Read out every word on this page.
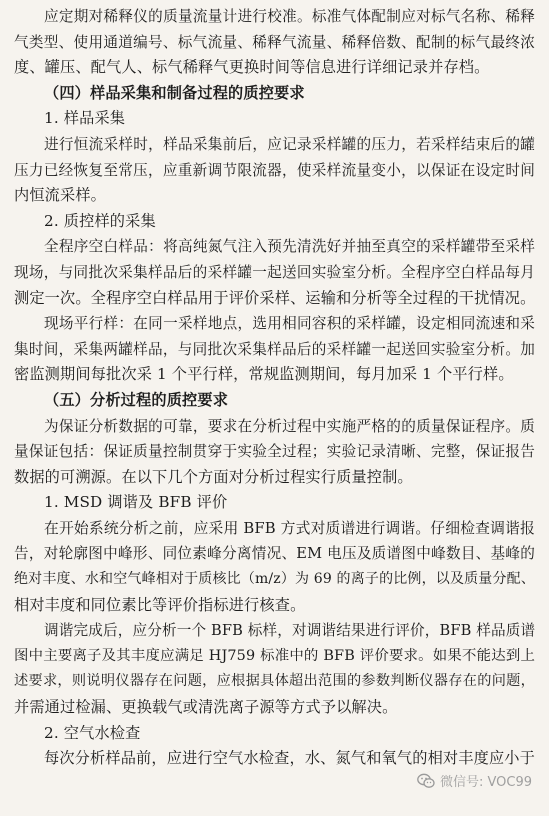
应定期对稀释仪的质量流量计进行校准。标准气体配制应对标气名称、稀释
气类型、使用通道编号、标气流量、稀释气流量、稀释倍数、配制的标气最终浓
度、罐压、配气人、标气稀释气更换时间等信息进行详细记录并存档。
（四）样品采集和制备过程的质控要求
1. 样品采集
进行恒流采样时，样品采集前后，应记录采样罐的压力，若采样结束后的罐
压力已经恢复至常压，应重新调节限流器，使采样流量变小，以保证在设定时间
内恒流采样。
2. 质控样的采集
全程序空白样品：将高纯氮气注入预先清洗好并抽至真空的采样罐带至采样
现场，与同批次采集样品后的采样罐一起送回实验室分析。全程序空白样品每月
测定一次。全程序空白样品用于评价采样、运输和分析等全过程的干扰情况。
现场平行样：在同一采样地点，选用相同容积的采样罐，设定相同流速和采
集时间，采集两罐样品，与同批次采集样品后的采样罐一起送回实验室分析。加
密监测期间每批次采 1 个平行样，常规监测期间，每月加采 1 个平行样。
（五）分析过程的质控要求
为保证分析数据的可靠，要求在分析过程中实施严格的的质量保证程序。质
量保证包括：保证质量控制贯穿于实验全过程；实验记录清晰、完整，保证报告
数据的可溯源。在以下几个方面对分析过程实行质量控制。
1. MSD 调谐及 BFB 评价
在开始系统分析之前，应采用 BFB 方式对质谱进行调谐。仔细检查调谐报
告，对轮廓图中峰形、同位素峰分离情况、EM 电压及质谱图中峰数目、基峰的
绝对丰度、水和空气峰相对于质核比（m/z）为 69 的离子的比例，以及质量分配、
相对丰度和同位素比等评价指标进行核查。
调谐完成后，应分析一个 BFB 标样，对调谐结果进行评价，BFB 样品质谱
图中主要离子及其丰度应满足 HJ759 标准中的 BFB 评价要求。如果不能达到上
述要求，则说明仪器存在问题，应根据具体超出范围的参数判断仪器存在的问题，
并需通过检漏、更换载气或清洗离子源等方式予以解决。
2. 空气水检查
每次分析样品前，应进行空气水检查，水、氮气和氧气的相对丰度应小于
微信号: VOC99
